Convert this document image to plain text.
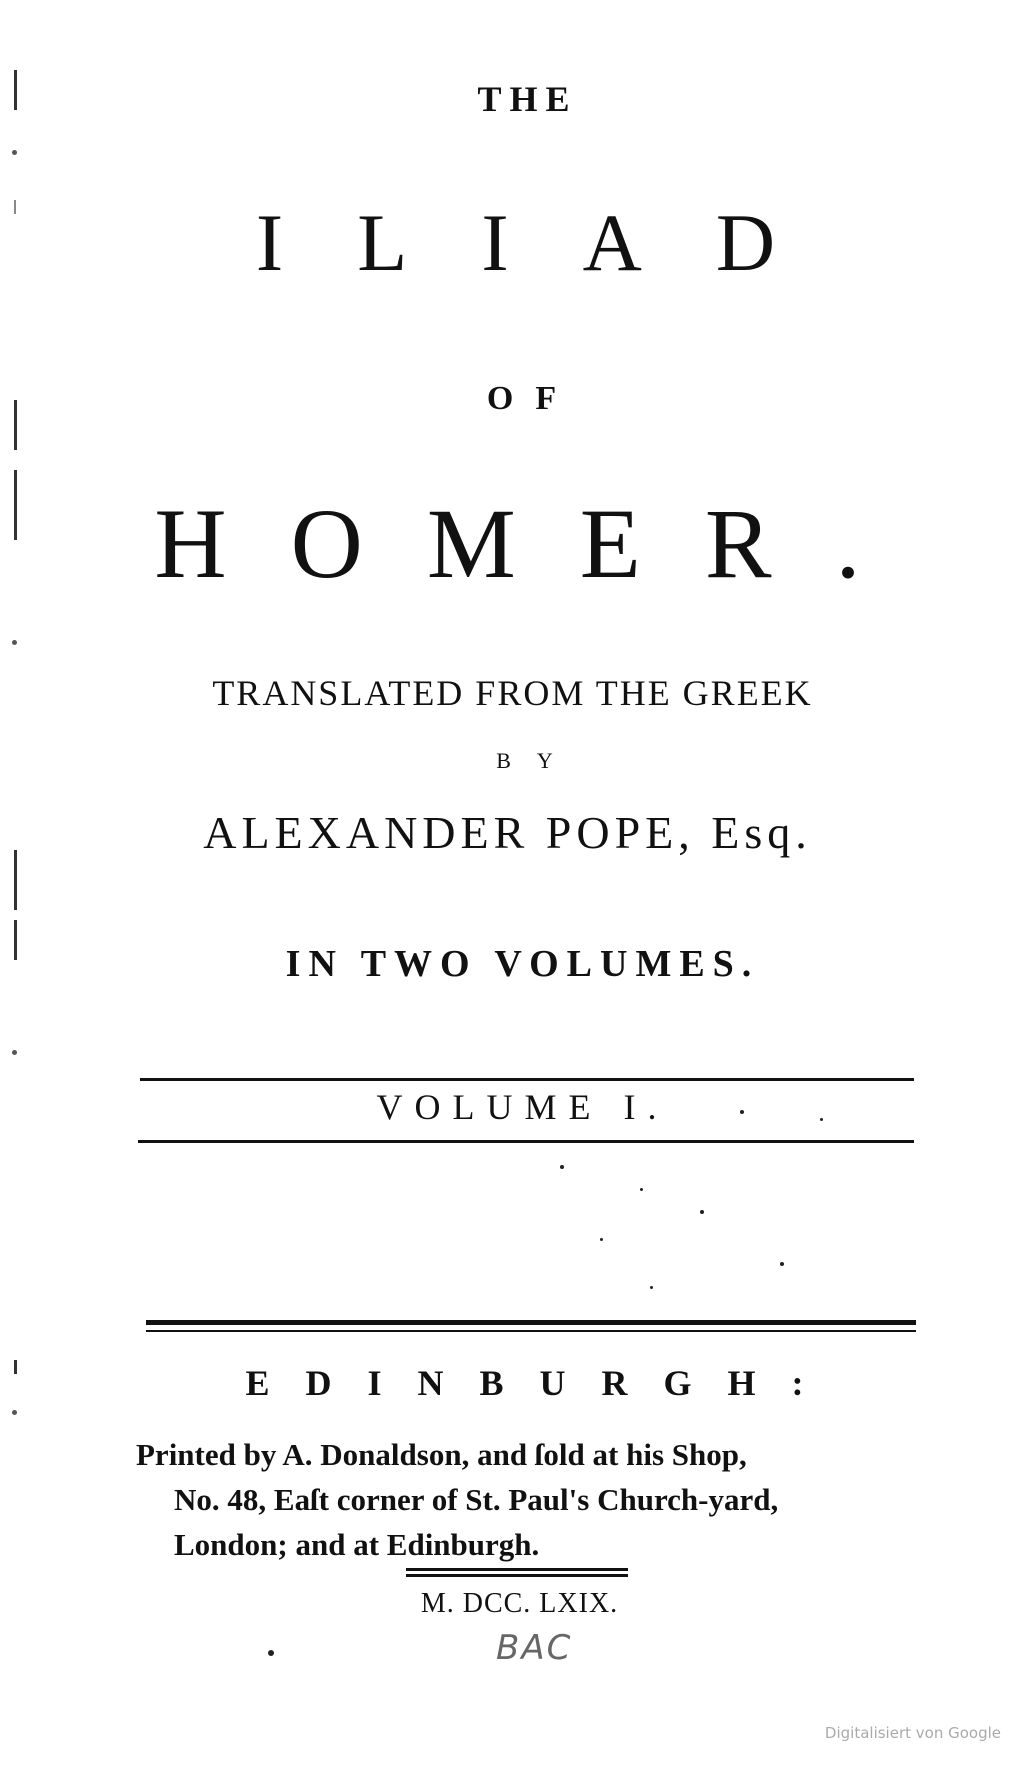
THE
ILIAD
OF
HOMER.
TRANSLATED FROM THE GREEK
BY
ALEXANDER POPE, Esq.
IN TWO VOLUMES.
VOLUME I.
EDINBURGH:
Printed by A. Donaldson, and ſold at his Shop,
No. 48, Eaſt corner of St. Paul's Church-yard,
London; and at Edinburgh.
M. DCC. LXIX.
BAC
Digitalisiert von Google
